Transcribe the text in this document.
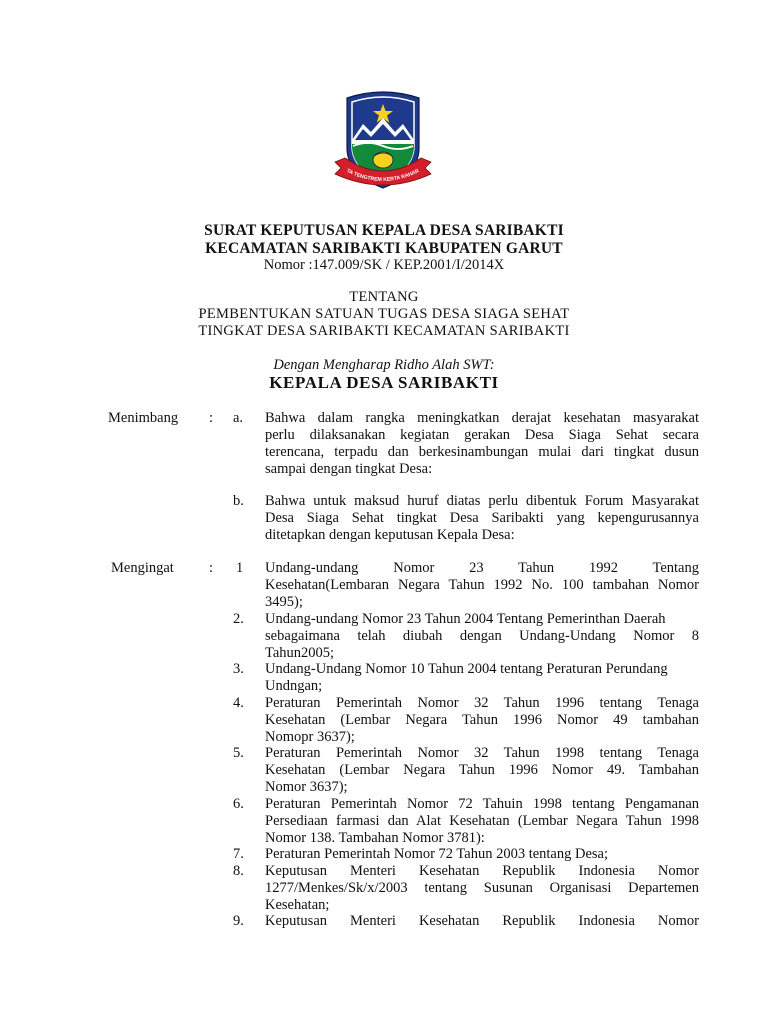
TA TENGTREM KERTA RAHAR
SURAT KEPUTUSAN KEPALA DESA SARIBAKTI
KECAMATAN SARIBAKTI KABUPATEN GARUT
Nomor :147.009/SK / KEP.2001/I/2014X
TENTANG
PEMBENTUKAN SATUAN TUGAS DESA SIAGA SEHAT
TINGKAT DESA SARIBAKTI KECAMATAN SARIBAKTI
Dengan Mengharap Ridho Alah SWT:
KEPALA DESA SARIBAKTI
Menimbang : a.	Bahwa dalam rangka meningkatkan derajat kesehatan masyarakat
perlu dilaksanakan kegiatan gerakan Desa Siaga Sehat secara
terencana, terpadu dan berkesinambungan mulai dari tingkat dusun
sampai dengan tingkat Desa:
b.	Bahwa untuk maksud huruf diatas perlu dibentuk Forum Masyarakat
Desa Siaga Sehat tingkat Desa Saribakti yang kepengurusannya
ditetapkan dengan keputusan Kepala Desa:
Mengingat : 1	Undang-undang Nomor 23 Tahun 1992 Tentang
Kesehatan(Lembaran Negara Tahun 1992 No. 100 tambahan Nomor
3495);
2.	Undang-undang Nomor 23 Tahun 2004 Tentang Pemerinthan Daerah
sebagaimana telah diubah dengan Undang-Undang Nomor 8
Tahun2005;
3.	Undang-Undang Nomor 10 Tahun 2004 tentang Peraturan Perundang
Undngan;
4.	Peraturan Pemerintah Nomor 32 Tahun 1996 tentang Tenaga
Kesehatan (Lembar Negara Tahun 1996 Nomor 49 tambahan
Nomopr 3637);
5.	Peraturan Pemerintah Nomor 32 Tahun 1998 tentang Tenaga
Kesehatan (Lembar Negara Tahun 1996 Nomor 49. Tambahan
Nomor 3637);
6.	Peraturan Pemerintah Nomor 72 Tahuin 1998 tentang Pengamanan
Persediaan farmasi dan Alat Kesehatan (Lembar Negara Tahun 1998
Nomor 138. Tambahan Nomor 3781):
7.	Peraturan Pemerintah Nomor 72 Tahun 2003 tentang Desa;
8.	Keputusan Menteri Kesehatan Republik Indonesia Nomor
1277/Menkes/Sk/x/2003 tentang Susunan Organisasi Departemen
Kesehatan;
9.	Keputusan Menteri Kesehatan Republik Indonesia Nomor
